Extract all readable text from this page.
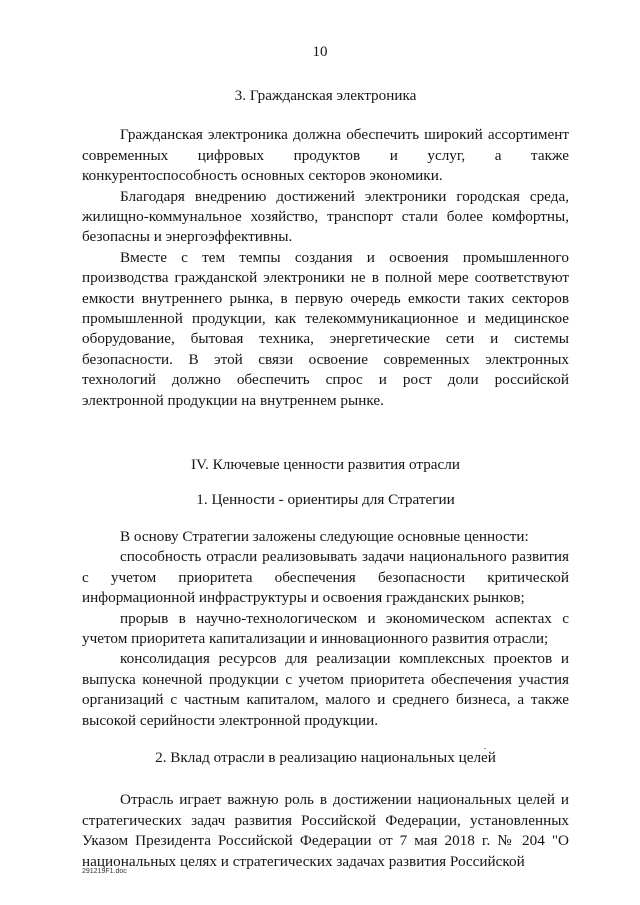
10
3. Гражданская электроника

Гражданская электроника должна обеспечить широкий ассортимент современных цифровых продуктов и услуг, а также конкурентоспособность основных секторов экономики.

Благодаря внедрению достижений электроники городская среда, жилищно-коммунальное хозяйство, транспорт стали более комфортны, безопасны и энергоэффективны.

Вместе с тем темпы создания и освоения промышленного производства гражданской электроники не в полной мере соответствуют емкости внутреннего рынка, в первую очередь емкости таких секторов промышленной продукции, как телекоммуникационное и медицинское оборудование, бытовая техника, энергетические сети и системы безопасности. В этой связи освоение современных электронных технологий должно обеспечить спрос и рост доли российской электронной продукции на внутреннем рынке.

IV. Ключевые ценности развития отрасли
1. Ценности - ориентиры для Стратегии

В основу Стратегии заложены следующие основные ценности:

способность отрасли реализовывать задачи национального развития с учетом приоритета обеспечения безопасности критической информационной инфраструктуры и освоения гражданских рынков;

прорыв в научно-технологическом и экономическом аспектах с учетом приоритета капитализации и инновационного развития отрасли;

консолидация ресурсов для реализации комплексных проектов и выпуска конечной продукции с учетом приоритета обеспечения участия организаций с частным капиталом, малого и среднего бизнеса, а также высокой серийности электронной продукции.

2. Вклад отрасли в реализацию национальных целей

Отрасль играет важную роль в достижении национальных целей и стратегических задач развития Российской Федерации, установленных Указом Президента Российской Федерации от 7 мая 2018 г. № 204 "О национальных целях и стратегических задачах развития Российской

291219F1.doc
